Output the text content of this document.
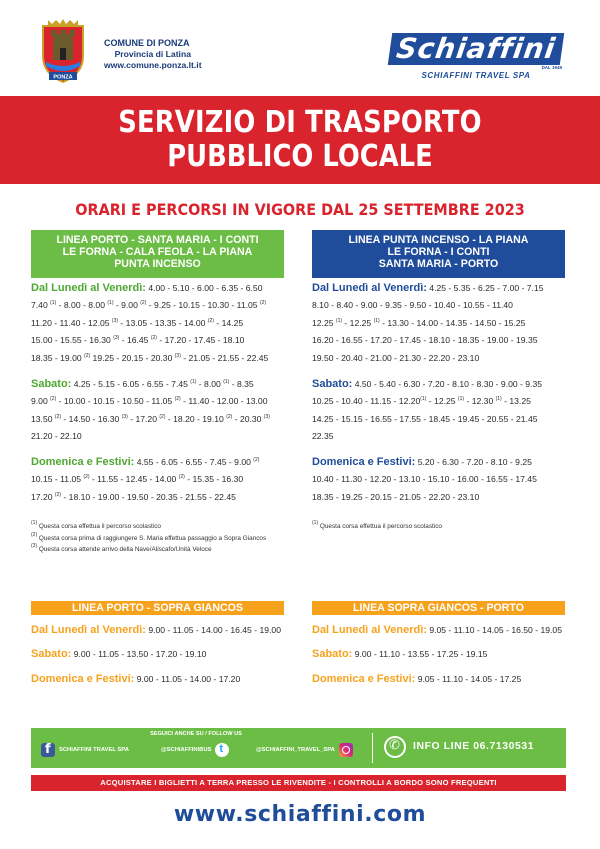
PONZA
COMUNE DI PONZA
Provincia di Latina
www.comune.ponza.lt.it	Schiaffini
DAL 1949
SCHIAFFINI TRAVEL SPA
SERVIZIO DI TRASPORTO
PUBBLICO LOCALE
ORARI E PERCORSI IN VIGORE DAL 25 SETTEMBRE 2023
LINEA PORTO - SANTA MARIA - I CONTI
LE FORNA - CALA FEOLA - LA PIANA
PUNTA INCENSO
LINEA PUNTA INCENSO - LA PIANA
LE FORNA - I CONTI
SANTA MARIA - PORTO
Dal Lunedì al Venerdì: 4.00 - 5.10 - 6.00 - 6.35 - 6.50
7.40 $^{(1)}$ - 8.00 - 8.00 $^{(1)}$ - 9.00 $^{(2)}$ - 9.25 - 10.15 - 10.30 - 11.05 $^{(2)}$
11.20 - 11.40 - 12.05 $^{(3)}$ - 13.05 - 13.35 - 14.00 $^{(2)}$ - 14.25
15.00 - 15.55 - 16.30 $^{(3)}$ - 16.45 $^{(2)}$ - 17.20 - 17.45 - 18.10
18.35 - 19.00 $^{(2)}$ 19.25 - 20.15 - 20.30 $^{(3)}$ - 21.05 - 21.55 - 22.45
Sabato: 4.25 - 5.15 - 6.05 - 6.55 - 7.45 $^{(1)}$ - 8.00 $^{(1)}$ - 8.35
9.00 $^{(2)}$ - 10.00 - 10.15 - 10.50 - 11.05 $^{(2)}$ - 11.40 - 12.00 - 13.00
13.50 $^{(2)}$ - 14.50 - 16.30 $^{(3)}$ - 17.20 $^{(2)}$ - 18.20 - 19.10 $^{(2)}$ - 20.30 $^{(3)}$
21.20 - 22.10
Domenica e Festivi: 4.55 - 6.05 - 6.55 - 7.45 - 9.00 $^{(2)}$
10.15 - 11.05 $^{(2)}$ - 11.55 - 12.45 - 14.00 $^{(2)}$ - 15.35 - 16.30
17.20 $^{(2)}$ - 18.10 - 19.00 - 19.50 - 20.35 - 21.55 - 22.45
Dal Lunedì al Venerdì: 4.25 - 5.35 - 6.25 - 7.00 - 7.15
8.10 - 8.40 - 9.00 - 9.35 - 9.50 - 10.40 - 10.55 - 11.40
12.25 $^{(1)}$ - 12.25 $^{(1)}$ - 13.30 - 14.00 - 14.35 - 14.50 - 15.25
16.20 - 16.55 - 17.20 - 17.45 - 18.10 - 18.35 - 19.00 - 19.35
19.50 - 20.40 - 21.00 - 21.30 - 22.20 - 23.10
Sabato: 4.50 - 5.40 - 6.30 - 7.20 - 8.10 - 8.30 - 9.00 - 9.35
10.25 - 10.40 - 11.15 - 12.20$^{(1)}$ - 12.25 $^{(1)}$ - 12.30 $^{(1)}$ - 13.25
14.25 - 15.15 - 16.55 - 17.55 - 18.45 - 19.45 - 20.55 - 21.45
22.35
Domenica e Festivi: 5.20 - 6.30 - 7.20 - 8.10 - 9.25
10.40 - 11.30 - 12.20 - 13.10 - 15.10 - 16.00 - 16.55 - 17.45
18.35 - 19.25 - 20.15 - 21.05 - 22.20 - 23.10
$^{(1)}$ Questa corsa effettua il percorso scolastico
$^{(2)}$ Questa corsa prima di raggiungere S. Maria effettua passaggio a Sopra Giancos
$^{(3)}$ Questa corsa attende arrivo della Nave/Aliscafo/Unità Veloce
$^{(1)}$ Questa corsa effettua il percorso scolastico
LINEA PORTO - SOPRA GIANCOS	LINEA SOPRA GIANCOS - PORTO
Dal Lunedì al Venerdì: 9.00 - 11.05 - 14.00 - 16.45 - 19.00
Sabato: 9.00 - 11.05 - 13.50 - 17.20 - 19.10
Domenica e Festivi: 9.00 - 11.05 - 14.00 - 17.20
Dal Lunedì al Venerdì: 9.05 - 11.10 - 14.05 - 16.50 - 19.05
Sabato: 9.00 - 11.10 - 13.55 - 17.25 - 19.15
Domenica e Festivi: 9.05 - 11.10 - 14.05 - 17.25
SEGUICI ANCHE SU / FOLLOW US
f
SCHIAFFINI TRAVEL SPA	@SCHIAFFINIBUS t	@SCHIAFFINI_TRAVEL_SPA ✆	INFO LINE 06.7130531
ACQUISTARE I BIGLIETTI A TERRA PRESSO LE RIVENDITE - I CONTROLLI A BORDO SONO FREQUENTI
www.schiaffini.com
